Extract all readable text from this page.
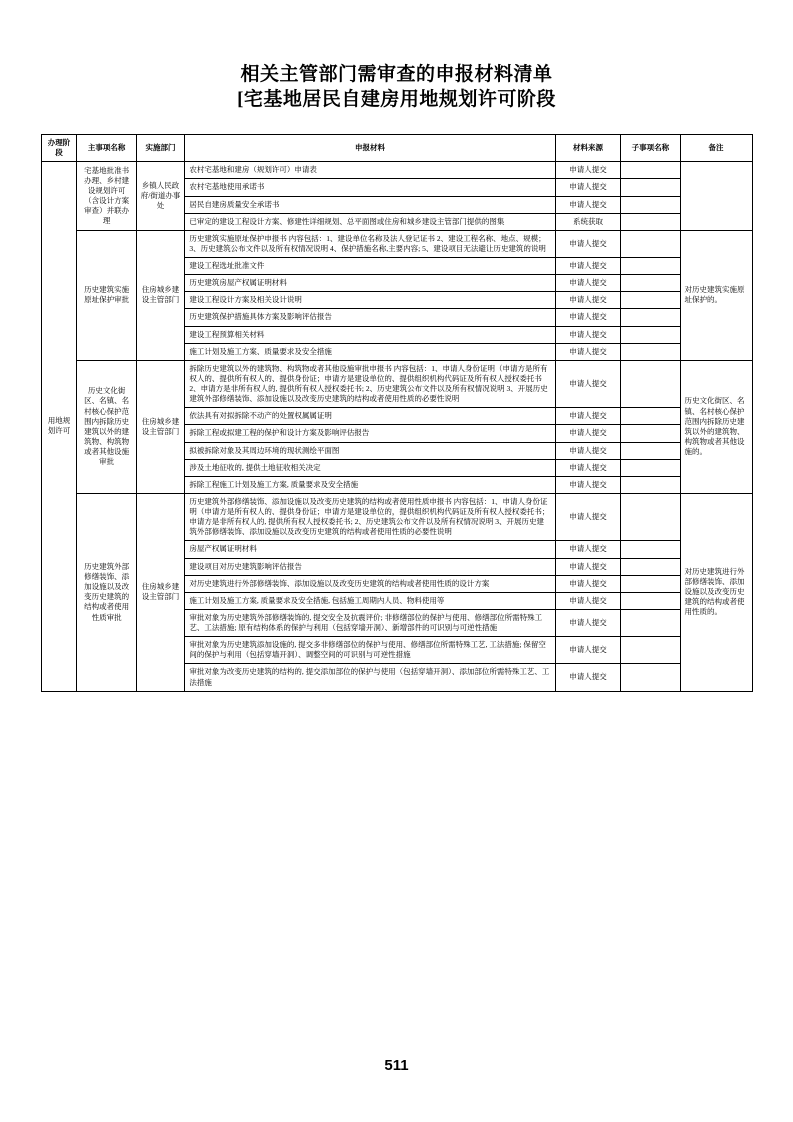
相关主管部门需审查的申报材料清单
[宅基地居民自建房用地规划许可阶段
办理阶段	主事项名称	实施部门	申报材料	材料来源	子事项名称	备注
用地规划许可	宅基地批准书办理、乡村建设规划许可（含设计方案审查）并联办理	乡镇人民政府/街道办事处	农村宅基地和建房（规划许可）申请表	申请人提交		
			农村宅基地使用承诺书	申请人提交		
			居民自建房质量安全承诺书	申请人提交		
			已审定的建设工程设计方案、修建性详细规划、总平面图或住房和城乡建设主管部门提供的图集	系统获取		
	历史建筑实施原址保护审批	住房城乡建设主管部门	历史建筑实施原址保护申报书 内容包括：1、建设单位名称及法人登记证书 2、建设工程名称、地点、规模；3、历史建筑公布文件以及所有权情况说明 4、保护措施名称,主要内容; 5、建设项目无法避让历史建筑的说明	申请人提交		对历史建筑实施原址保护的。
			建设工程选址批准文件	申请人提交		
			历史建筑房屋产权属证明材料	申请人提交		
			建设工程设计方案及相关设计说明	申请人提交		
			历史建筑保护措施具体方案及影响评估报告	申请人提交		
			建设工程预算相关材料	申请人提交		
			施工计划及施工方案、质量要求及安全措施	申请人提交		
	历史文化街区、名镇、名村核心保护范围内拆除历史建筑以外的建筑物、构筑物或者其他设施审批	住房城乡建设主管部门	拆除历史建筑以外的建筑物、构筑物或者其他设施审批申报书 内容包括：1、申请人身份证明（申请方是所有权人的、提供所有权人的、提供身份证；申请方是建设单位的、提供组织机构代码证及所有权人授权委托书 2、申请方是非所有权人的, 提供所有权人授权委托书; 2、历史建筑公布文件以及所有权情况说明 3、开展历史建筑外部修缮装饰、添加设施以及改变历史建筑的结构或者使用性质的必要性说明	申请人提交		历史文化街区、名镇、名村核心保护范围内拆除历史建筑以外的建筑物、构筑物或者其他设施的。
			依法具有对拟拆除不动产的处置权属属证明	申请人提交		
			拆除工程或拟建工程的保护和设计方案及影响评估报告	申请人提交		
			拟被拆除对象及其周边环境的现状测绘平面图	申请人提交		
			涉及土地征收的, 提供土地征收相关决定	申请人提交		
			拆除工程施工计划及施工方案, 质量要求及安全措施	申请人提交		
	历史建筑外部修缮装饰、添加设施以及改变历史建筑的结构或者使用性质审批	住房城乡建设主管部门	历史建筑外部修缮装饰、添加设施以及改变历史建筑的结构或者使用性质申报书 内容包括：1、申请人身份证明（申请方是所有权人的、提供身份证；申请方是建设单位的，提供组织机构代码证及所有权人授权委托书；申请方是非所有权人的, 提供所有权人授权委托书; 2、历史建筑公布文件以及所有权情况说明 3、开展历史建筑外部修缮装饰、添加设施以及改变历史建筑的结构或者使用性质的必要性说明	申请人提交		对历史建筑进行外部修缮装饰、添加设施以及改变历史建筑的结构或者使用性质的。
			房屋产权属证明材料	申请人提交		
			建设项目对历史建筑影响评估报告	申请人提交		
			对历史建筑进行外部修缮装饰、添加设施以及改变历史建筑的结构或者使用性质的设计方案	申请人提交		
			施工计划及施工方案, 质量要求及安全措施, 包括施工周期内人员、物料使用等	申请人提交		
			审批对象为历史建筑外部修缮装饰的, 提交安全及抗震评价; 非修缮部位的保护与使用、修缮部位所需特殊工艺、工法措施; 原有结构体系的保护与利用（包括穿墙开洞）、新增部件的可识别与可逆性措施	申请人提交		
			审批对象为历史建筑添加设施的, 提交多非修缮部位的保护与使用、修缮部位所需特殊工艺, 工法措施; 保留空间的保护与利用（包括穿墙开洞）、调整空间的可识别与可逆性措施	申请人提交		
			审批对象为改变历史建筑的结构的, 提交添加部位的保护与使用（包括穿墙开洞）、添加部位所需特殊工艺、工法措施	申请人提交		
511
